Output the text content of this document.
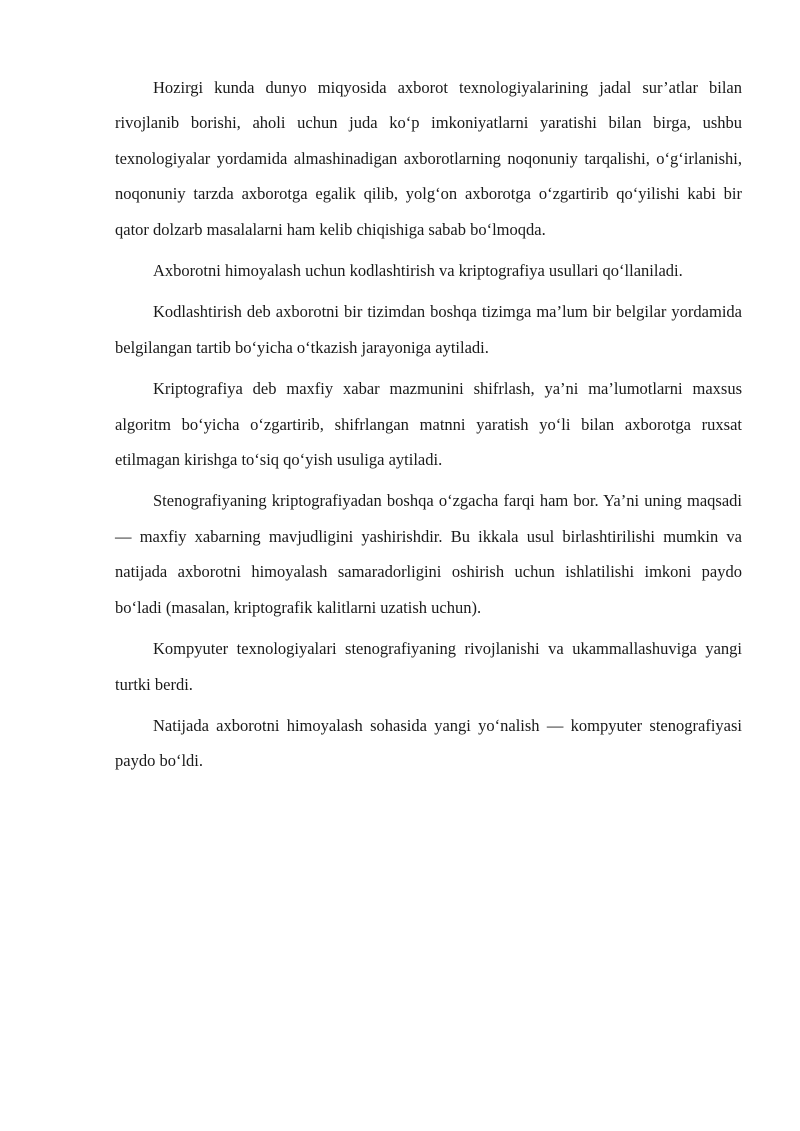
Hozirgi kunda dunyo miqyosida axborot texnologiyalarining jadal sur’atlar bilan rivojlanib borishi, aholi uchun juda ko‘p imkoniyatlarni yaratishi bilan birga, ushbu texnologiyalar yordamida almashinadigan axborotlarning noqonuniy tarqalishi, o‘g‘irlanishi, noqonuniy tarzda axborotga egalik qilib, yolg‘on axborotga o‘zgartirib qo‘yilishi kabi bir qator dolzarb masalalarni ham kelib chiqishiga sabab bo‘lmoqda.

Axborotni himoyalash uchun kodlashtirish va kriptografiya usullari qo‘llaniladi.

Kodlashtirish deb axborotni bir tizimdan boshqa tizimga ma’lum bir belgilar yordamida belgilangan tartib bo‘yicha o‘tkazish jarayoniga aytiladi.

Kriptografiya deb maxfiy xabar mazmunini shifrlash, ya’ni ma’lumotlarni maxsus algoritm bo‘yicha o‘zgartirib, shifrlangan matnni yaratish yo‘li bilan axborotga ruxsat etilmagan kirishga to‘siq qo‘yish usuliga aytiladi.

Stenografiyaning kriptografiyadan boshqa o‘zgacha farqi ham bor. Ya’ni uning maqsadi — maxfiy xabarning mavjudligini yashirishdir. Bu ikkala usul birlashtirilishi mumkin va natijada axborotni himoyalash samaradorligini oshirish uchun ishlatilishi imkoni paydo bo‘ladi (masalan, kriptografik kalitlarni uzatish uchun).

Kompyuter texnologiyalari stenografiyaning rivojlanishi va ukammallashuviga yangi turtki berdi.

Natijada axborotni himoyalash sohasida yangi yo‘nalish — kompyuter stenografiyasi paydo bo‘ldi.
